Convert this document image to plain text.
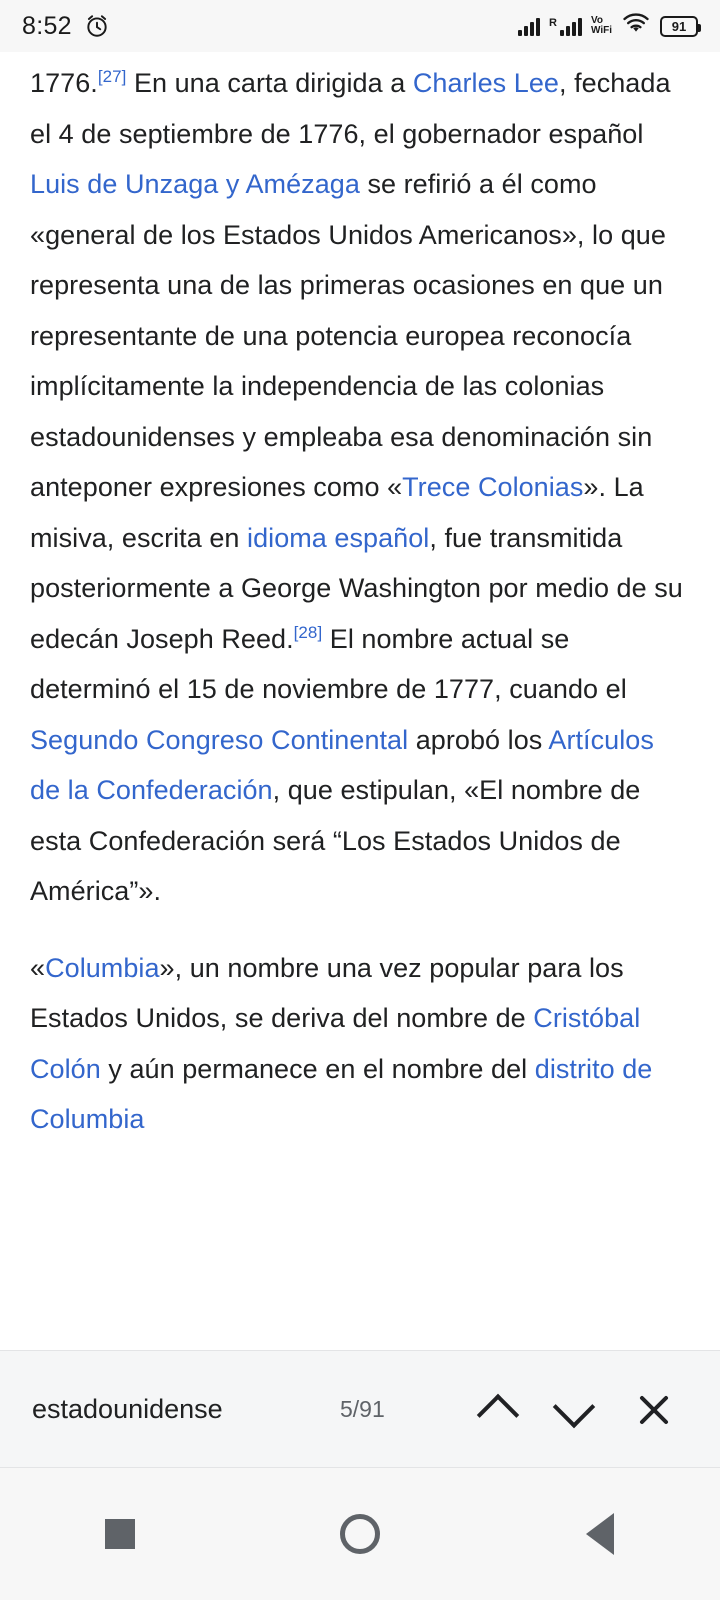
8:52	R	Vo
WiFi	91

1776.[27] En una carta dirigida a Charles Lee, fechada el 4 de septiembre de 1776, el gobernador español Luis de Unzaga y Amézaga se refirió a él como «general de los Estados Unidos Americanos», lo que representa una de las primeras ocasiones en que un representante de una potencia europea reconocía implícitamente la independencia de las colonias estadounidenses y empleaba esa denominación sin anteponer expresiones como «Trece Colonias». La misiva, escrita en idioma español, fue transmitida posteriormente a George Washington por medio de su edecán Joseph Reed.[28] El nombre actual se determinó el 15 de noviembre de 1777, cuando el Segundo Congreso Continental aprobó los Artículos de la Confederación, que estipulan, «El nombre de esta Confederación será “Los Estados Unidos de América”».

«Columbia», un nombre una vez popular para los Estados Unidos, se deriva del nombre de Cristóbal Colón y aún permanece en el nombre del distrito de Columbia

estadounidense
5/91
